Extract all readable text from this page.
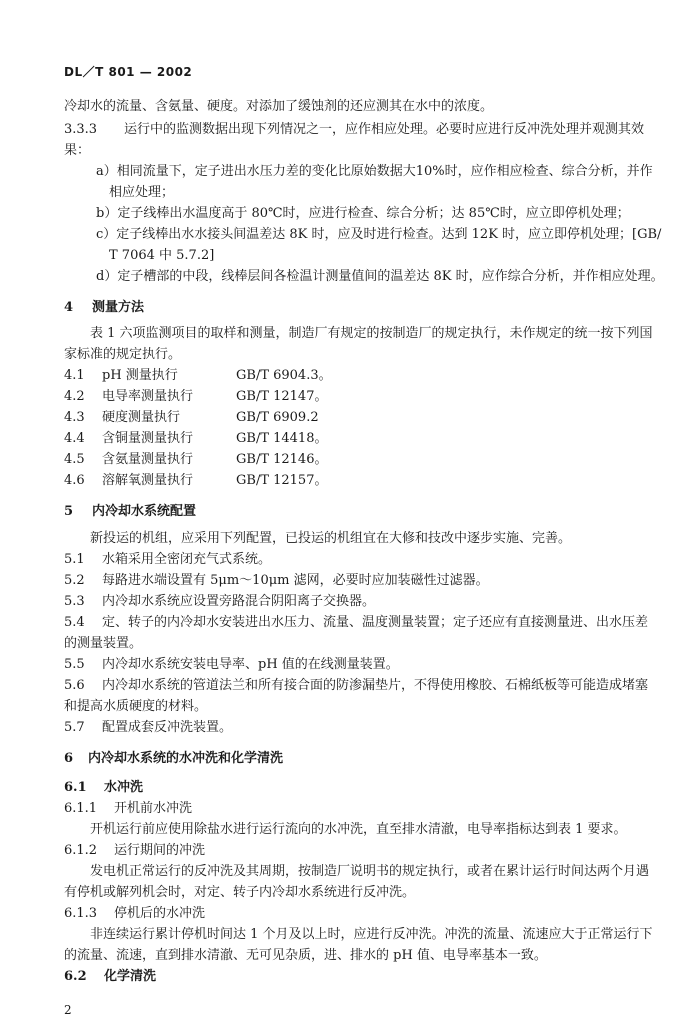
DL／T 801 — 2002
冷却水的流量、含氨量、硬度。对添加了缓蚀剂的还应测其在水中的浓度。
3.3.3 运行中的监测数据出现下列情况之一，应作相应处理。必要时应进行反冲洗处理并观测其效
果：
a）相同流量下，定子进出水压力差的变化比原始数据大10%时，应作相应检查、综合分析，并作
相应处理；
b）定子线棒出水温度高于 80℃时，应进行检查、综合分析；达 85℃时，应立即停机处理；
c）定子线棒出水水接头间温差达 8K 时，应及时进行检查。达到 12K 时，应立即停机处理；[GB/
T 7064 中 5.7.2]
d）定子槽部的中段，线棒层间各检温计测量值间的温差达 8K 时，应作综合分析，并作相应处理。
4 测量方法
表 1 六项监测项目的取样和测量，制造厂有规定的按制造厂的规定执行，未作规定的统一按下列国
家标准的规定执行。
4.1 pH 测量执行	GB/T 6904.3。
4.2 电导率测量执行	GB/T 12147。
4.3 硬度测量执行	GB/T 6909.2
4.4 含铜量测量执行	GB/T 14418。
4.5 含氨量测量执行	GB/T 12146。
4.6 溶解氧测量执行	GB/T 12157。
5 内冷却水系统配置
新投运的机组，应采用下列配置，已投运的机组宜在大修和技改中逐步实施、完善。
5.1 水箱采用全密闭充气式系统。
5.2 每路进水端设置有 5μm～10μm 滤网，必要时应加装磁性过滤器。
5.3 内冷却水系统应设置旁路混合阴阳离子交换器。
5.4 定、转子的内冷却水安装进出水压力、流量、温度测量装置；定子还应有直接测量进、出水压差
的测量装置。
5.5 内冷却水系统安装电导率、pH 值的在线测量装置。
5.6 内冷却水系统的管道法兰和所有接合面的防渗漏垫片，不得使用橡胶、石棉纸板等可能造成堵塞
和提高水质硬度的材料。
5.7 配置成套反冲洗装置。
6 内冷却水系统的水冲洗和化学清洗
6.1 水冲洗
6.1.1 开机前水冲洗
开机运行前应使用除盐水进行运行流向的水冲洗，直至排水清澈，电导率指标达到表 1 要求。
6.1.2 运行期间的冲洗
发电机正常运行的反冲洗及其周期，按制造厂说明书的规定执行，或者在累计运行时间达两个月遇
有停机或解列机会时，对定、转子内冷却水系统进行反冲洗。
6.1.3 停机后的水冲洗
非连续运行累计停机时间达 1 个月及以上时，应进行反冲洗。冲洗的流量、流速应大于正常运行下
的流量、流速，直到排水清澈、无可见杂质，进、排水的 pH 值、电导率基本一致。
6.2 化学清洗
2
